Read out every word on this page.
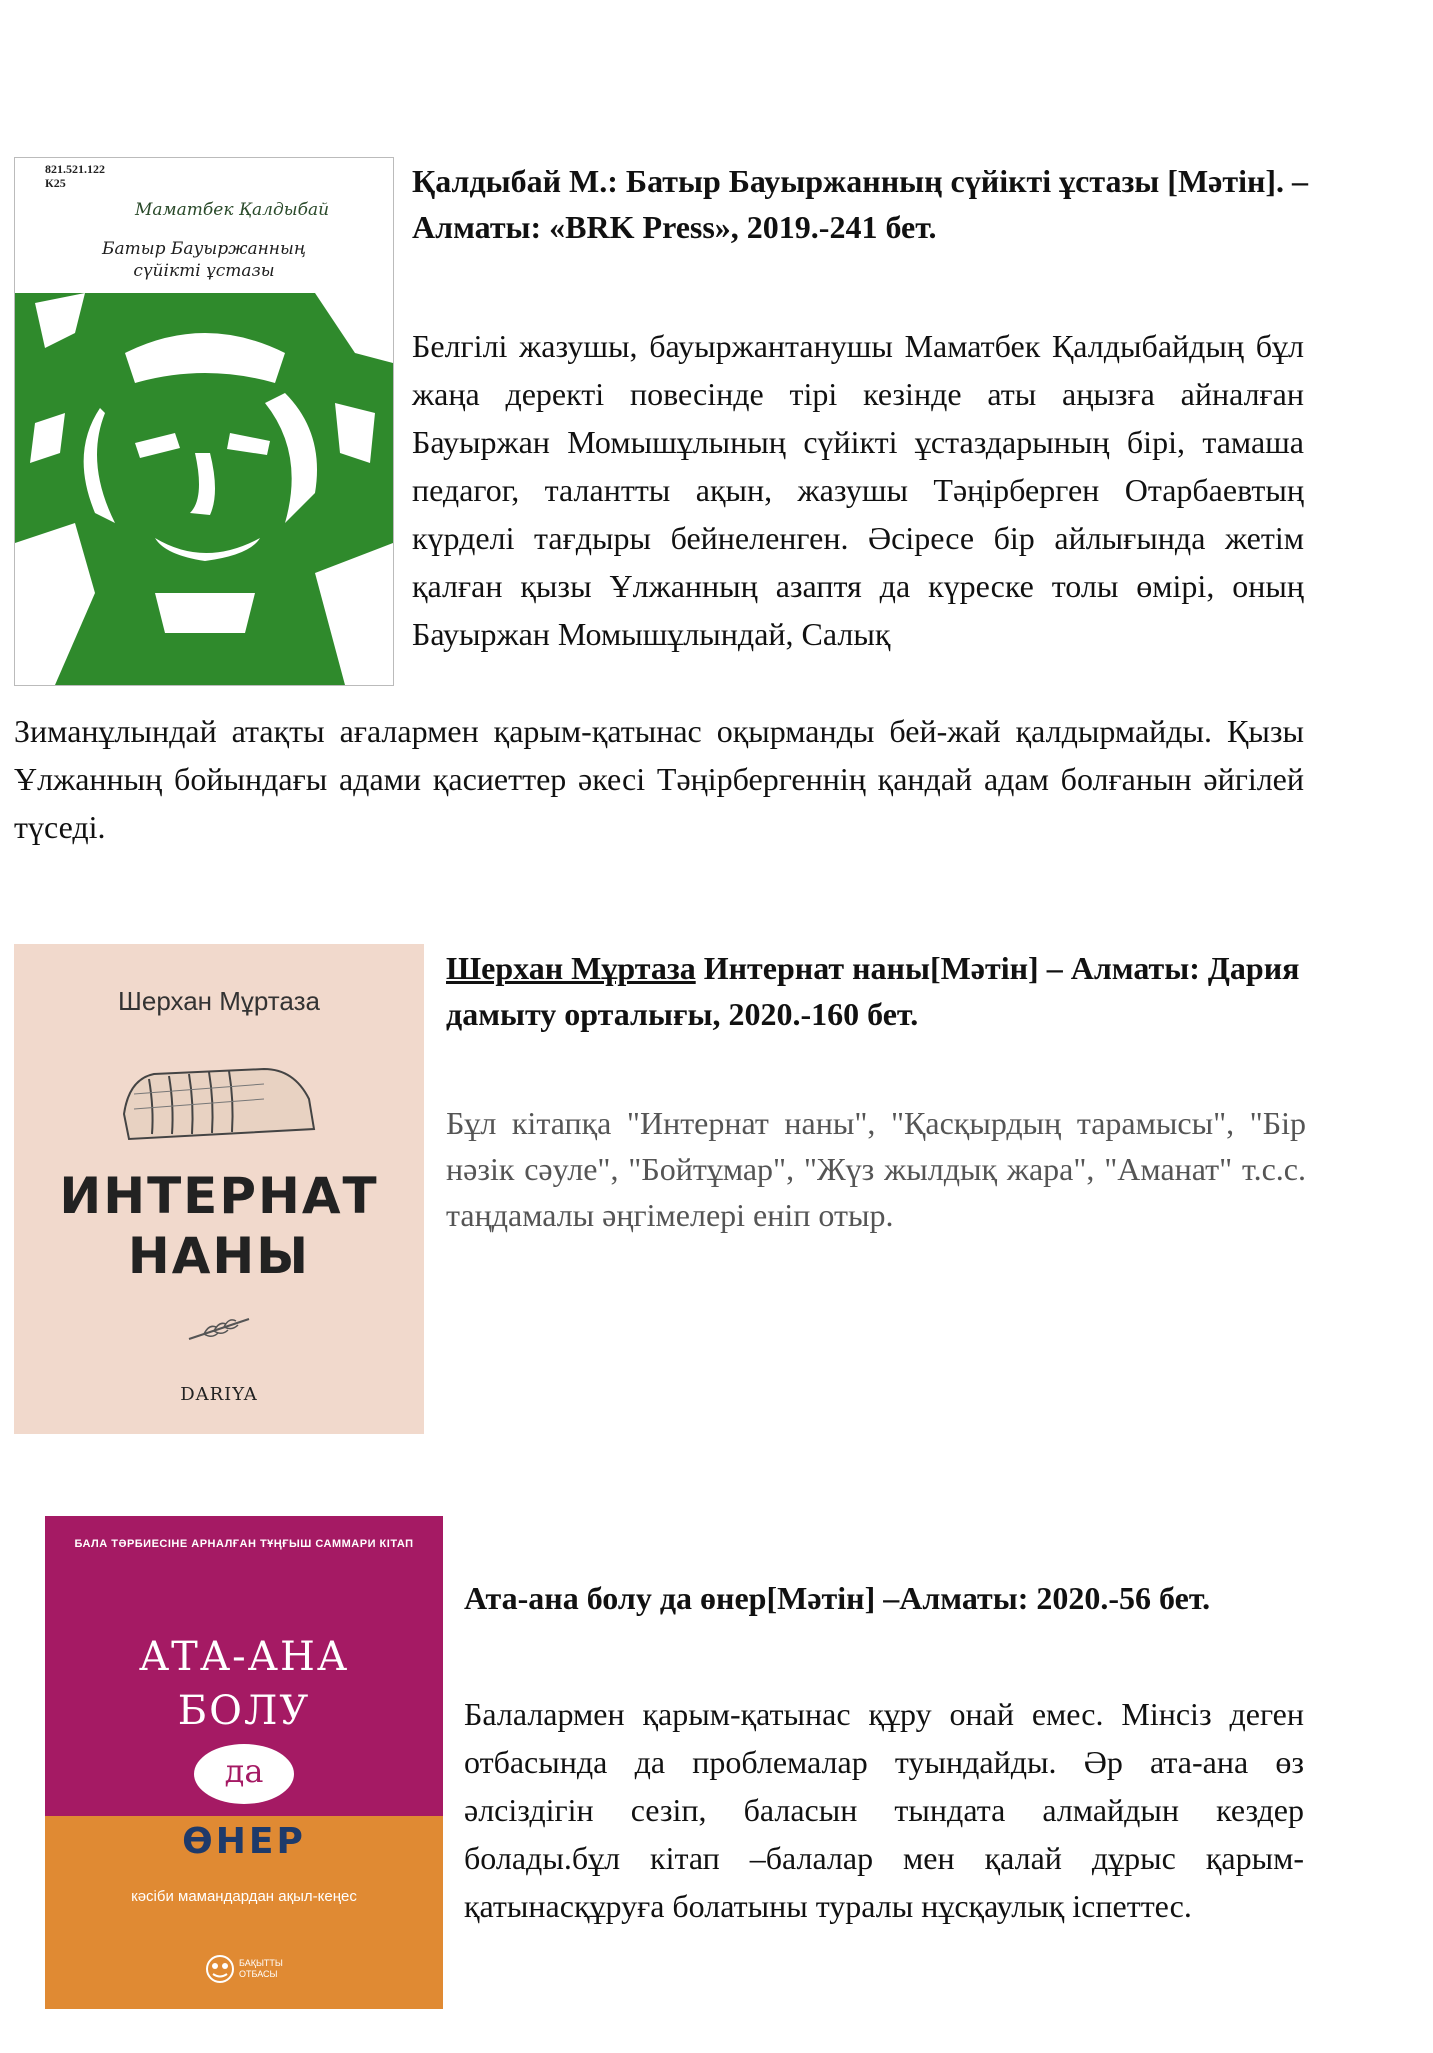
821.521.122
К25
Маматбек Қалдыбай
Батыр Бауыржанның
сүйікті ұстазы
Қалдыбай М.: Батыр Бауыржанның сүйікті ұстазы [Мәтін]. –Алматы: «BRK Press», 2019.-241 бет.
Белгілі жазушы, бауыржантанушы Маматбек Қалдыбайдың бұл жаңа деректі повесінде тірі кезінде аты аңызға айналған Бауыржан Момышұлының сүйікті ұстаздарының бірі, тамаша педагог, талантты ақын, жазушы Тәңірберген Отарбаевтың күрделі тағдыры бейнеленген. Әсіресе бір айлығында жетім қалған қызы Ұлжанның азаптя да күреске толы өмірі, оның Бауыржан Момышұлындай, Салық
Зиманұлындай атақты ағалармен қарым-қатынас оқырманды бей-жай қалдырмайды. Қызы Ұлжанның бойындағы адами қасиеттер әкесі Тәңірбергеннің қандай адам болғанын әйгілей түседі.
Шерхан Мұртаза
ИНТЕРНАТ
НАНЫ
DARIYA
Шерхан Мұртаза Интернат наны[Мәтін] – Алматы: Дария дамыту орталығы, 2020.-160 бет.
Бұл кітапқа "Интернат наны", "Қасқырдың тарамысы", "Бір нәзік сәуле", "Бойтұмар", "Жүз жылдық жара", "Аманат" т.с.с. таңдамалы әңгімелері еніп отыр.
БАЛА ТӘРБИЕСІНЕ АРНАЛҒАН ТҰҢҒЫШ САММАРИ КІТАП
АТА-АНА
БОЛУ
да
ӨНЕР
кәсіби мамандардан ақыл-кеңес
БАҚЫТТЫ
ОТБАСЫ
Ата-ана болу да өнер[Мәтін] –Алматы: 2020.-56 бет.
Балалармен қарым-қатынас құру онай емес. Мінсіз деген отбасында да проблемалар туындайды. Әр ата-ана өз әлсіздігін сезіп, баласын тындата алмайдын кездер болады.бұл кітап –балалар мен қалай дұрыс қарым-қатынасқұруға болатыны туралы нұсқаулық іспеттес.
